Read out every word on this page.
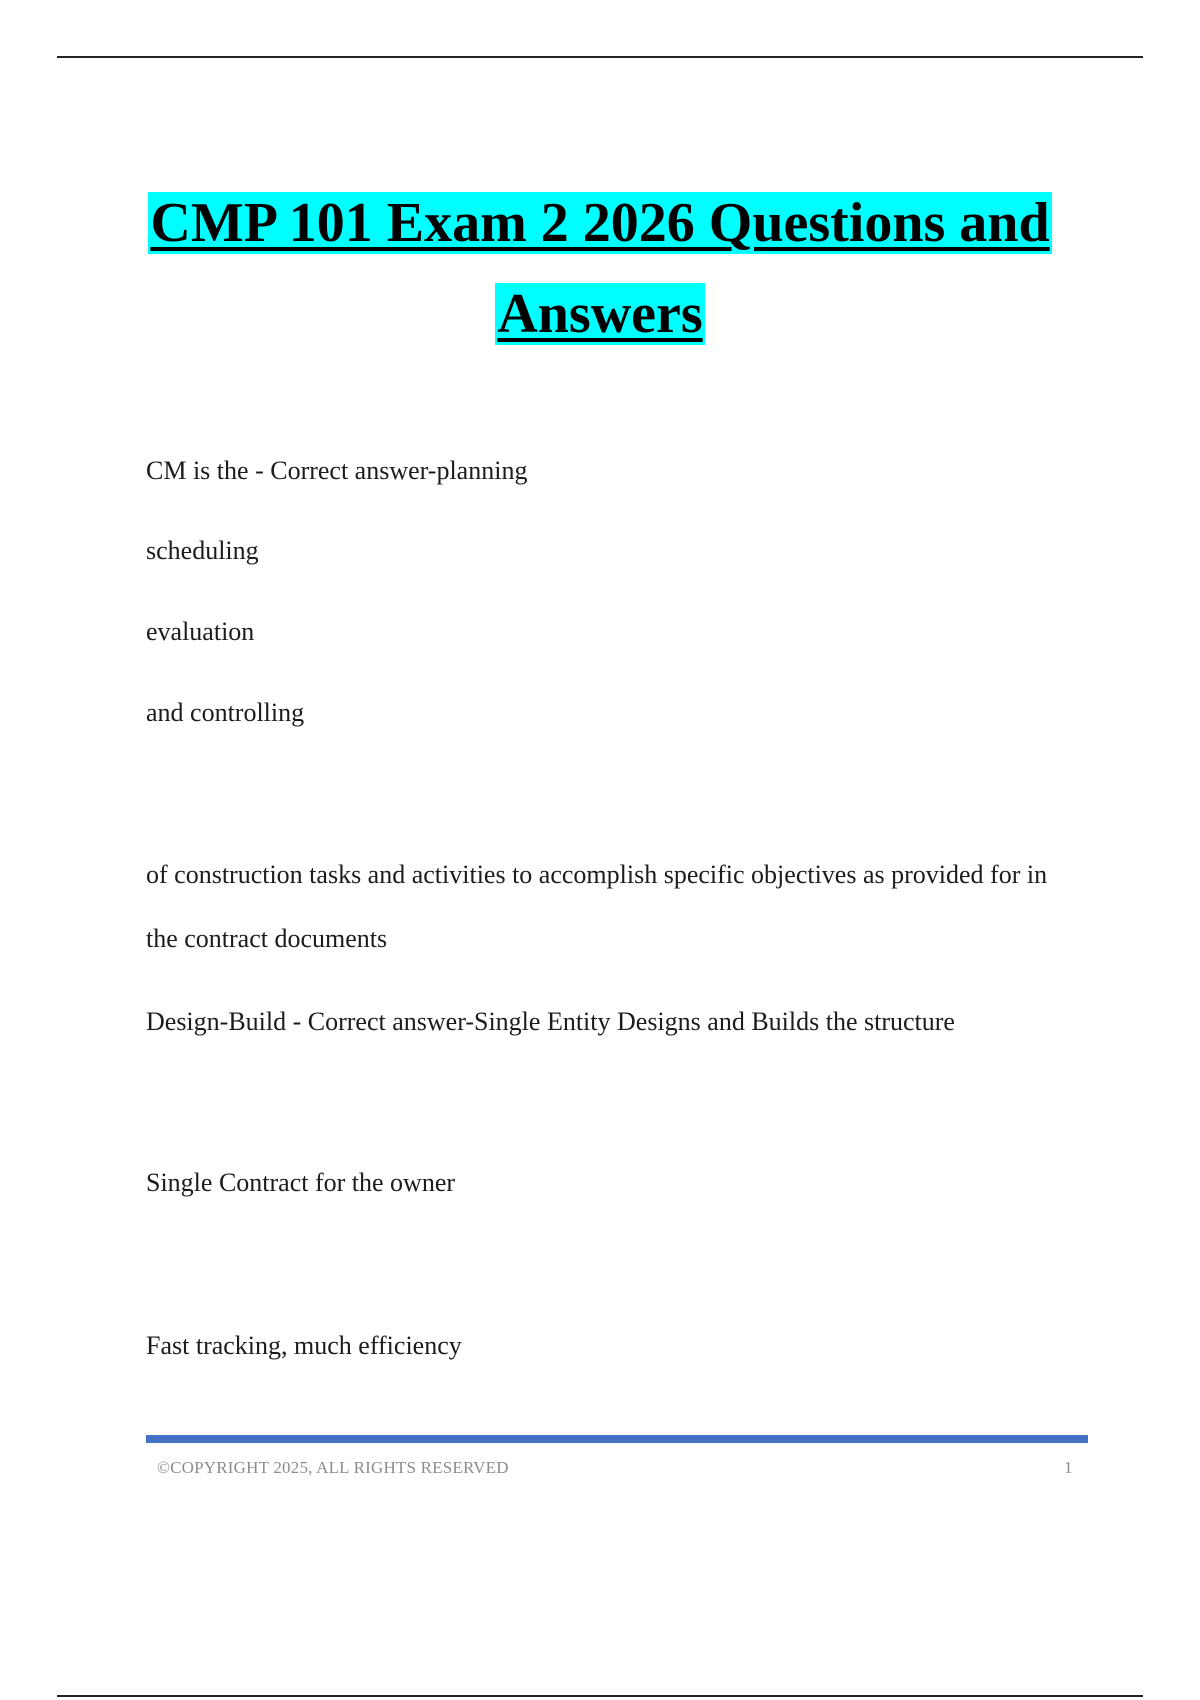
CMP 101 Exam 2 2026 Questions and
Answers

CM is the - Correct answer-planning

scheduling

evaluation

and controlling

of construction tasks and activities to accomplish specific objectives as provided for in the contract documents

Design-Build - Correct answer-Single Entity Designs and Builds the structure

Single Contract for the owner

Fast tracking, much efficiency

©COPYRIGHT 2025, ALL RIGHTS RESERVED	1
